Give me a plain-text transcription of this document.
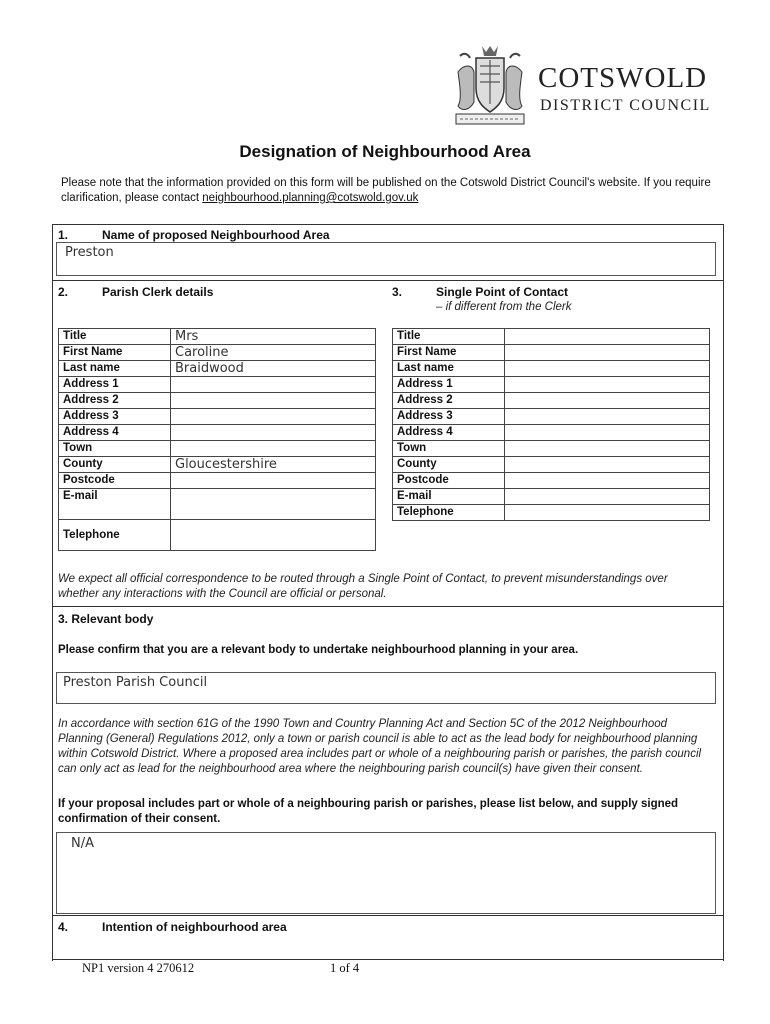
COTSWOLD
DISTRICT COUNCIL
Designation of Neighbourhood Area
Please note that the information provided on this form will be published on the Cotswold District Council's website. If you require clarification, please contact neighbourhood.planning@cotswold.gov.uk
1.	Name of proposed Neighbourhood Area
Preston
2.	Parish Clerk details	3.	Single Point of Contact
– if different from the Clerk
Title	Mrs
First Name	Caroline
Last name	Braidwood
Address 1	
Address 2	
Address 3	
Address 4	
Town	
County	Gloucestershire
Postcode	
E-mail	
Telephone	
Title	
First Name	
Last name	
Address 1	
Address 2	
Address 3	
Address 4	
Town	
County	
Postcode	
E-mail	
Telephone	
We expect all official correspondence to be routed through a Single Point of Contact, to prevent misunderstandings over whether any interactions with the Council are official or personal.
3. Relevant body
Please confirm that you are a relevant body to undertake neighbourhood planning in your area.
Preston Parish Council
In accordance with section 61G of the 1990 Town and Country Planning Act and Section 5C of the 2012 Neighbourhood Planning (General) Regulations 2012, only a town or parish council is able to act as the lead body for neighbourhood planning within Cotswold District. Where a proposed area includes part or whole of a neighbouring parish or parishes, the parish council can only act as lead for the neighbourhood area where the neighbouring parish council(s) have given their consent.
If your proposal includes part or whole of a neighbouring parish or parishes, please list below, and supply signed confirmation of their consent.
N/A
4.	Intention of neighbourhood area
NP1 version 4 270612	1 of 4
